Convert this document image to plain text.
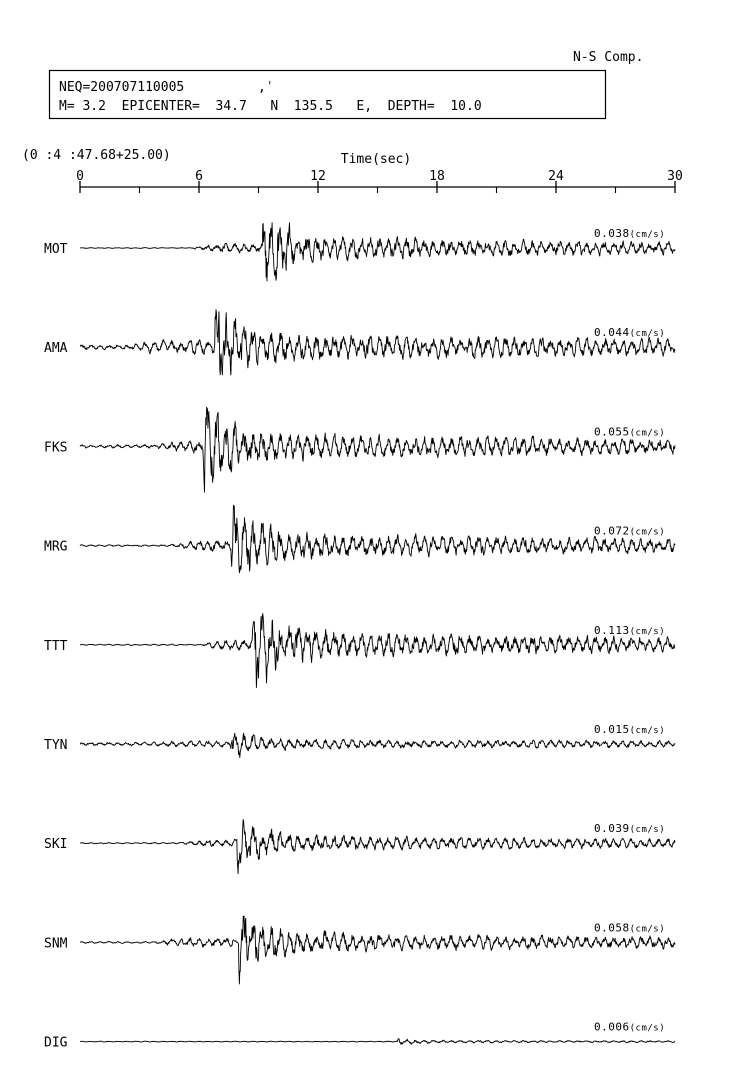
N-S Comp.
NEQ=200707110005	,ˈ
M= 3.2  EPICENTER=  34.7   N  135.5   E,  DEPTH=  10.0
(0 :4 :47.68+25.00)	Time(sec)
0	6	12	18	24	30
MOT
0.038(cm/s)
AMA
0.044(cm/s)
FKS
0.055(cm/s)
MRG
0.072(cm/s)
TTT
0.113(cm/s)
TYN
0.015(cm/s)
SKI
0.039(cm/s)
SNM
0.058(cm/s)
DIG
0.006(cm/s)
